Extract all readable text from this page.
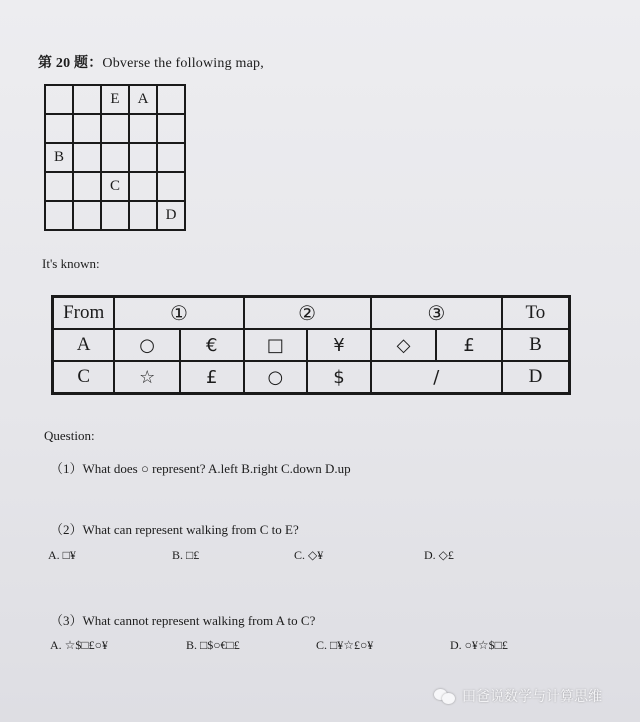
第 20 题：Obverse the following map,
		E	A	

B				
		C		
				D
It's known:
From	①		②		③		To
A	○	€	□	¥	◇	£	B
C	☆	£	○	$	/		D
Question:
（1）What does ○ represent? A.left B.right C.down D.up
（2）What can represent walking from C to E?
A. □¥	B. □£	C. ◇¥	D. ◇£
（3）What cannot represent walking from A to C?
A. ☆$□£○¥	B. □$○€□£	C. □¥☆£○¥	D. ○¥☆$□£
田爸说数学与计算思维
